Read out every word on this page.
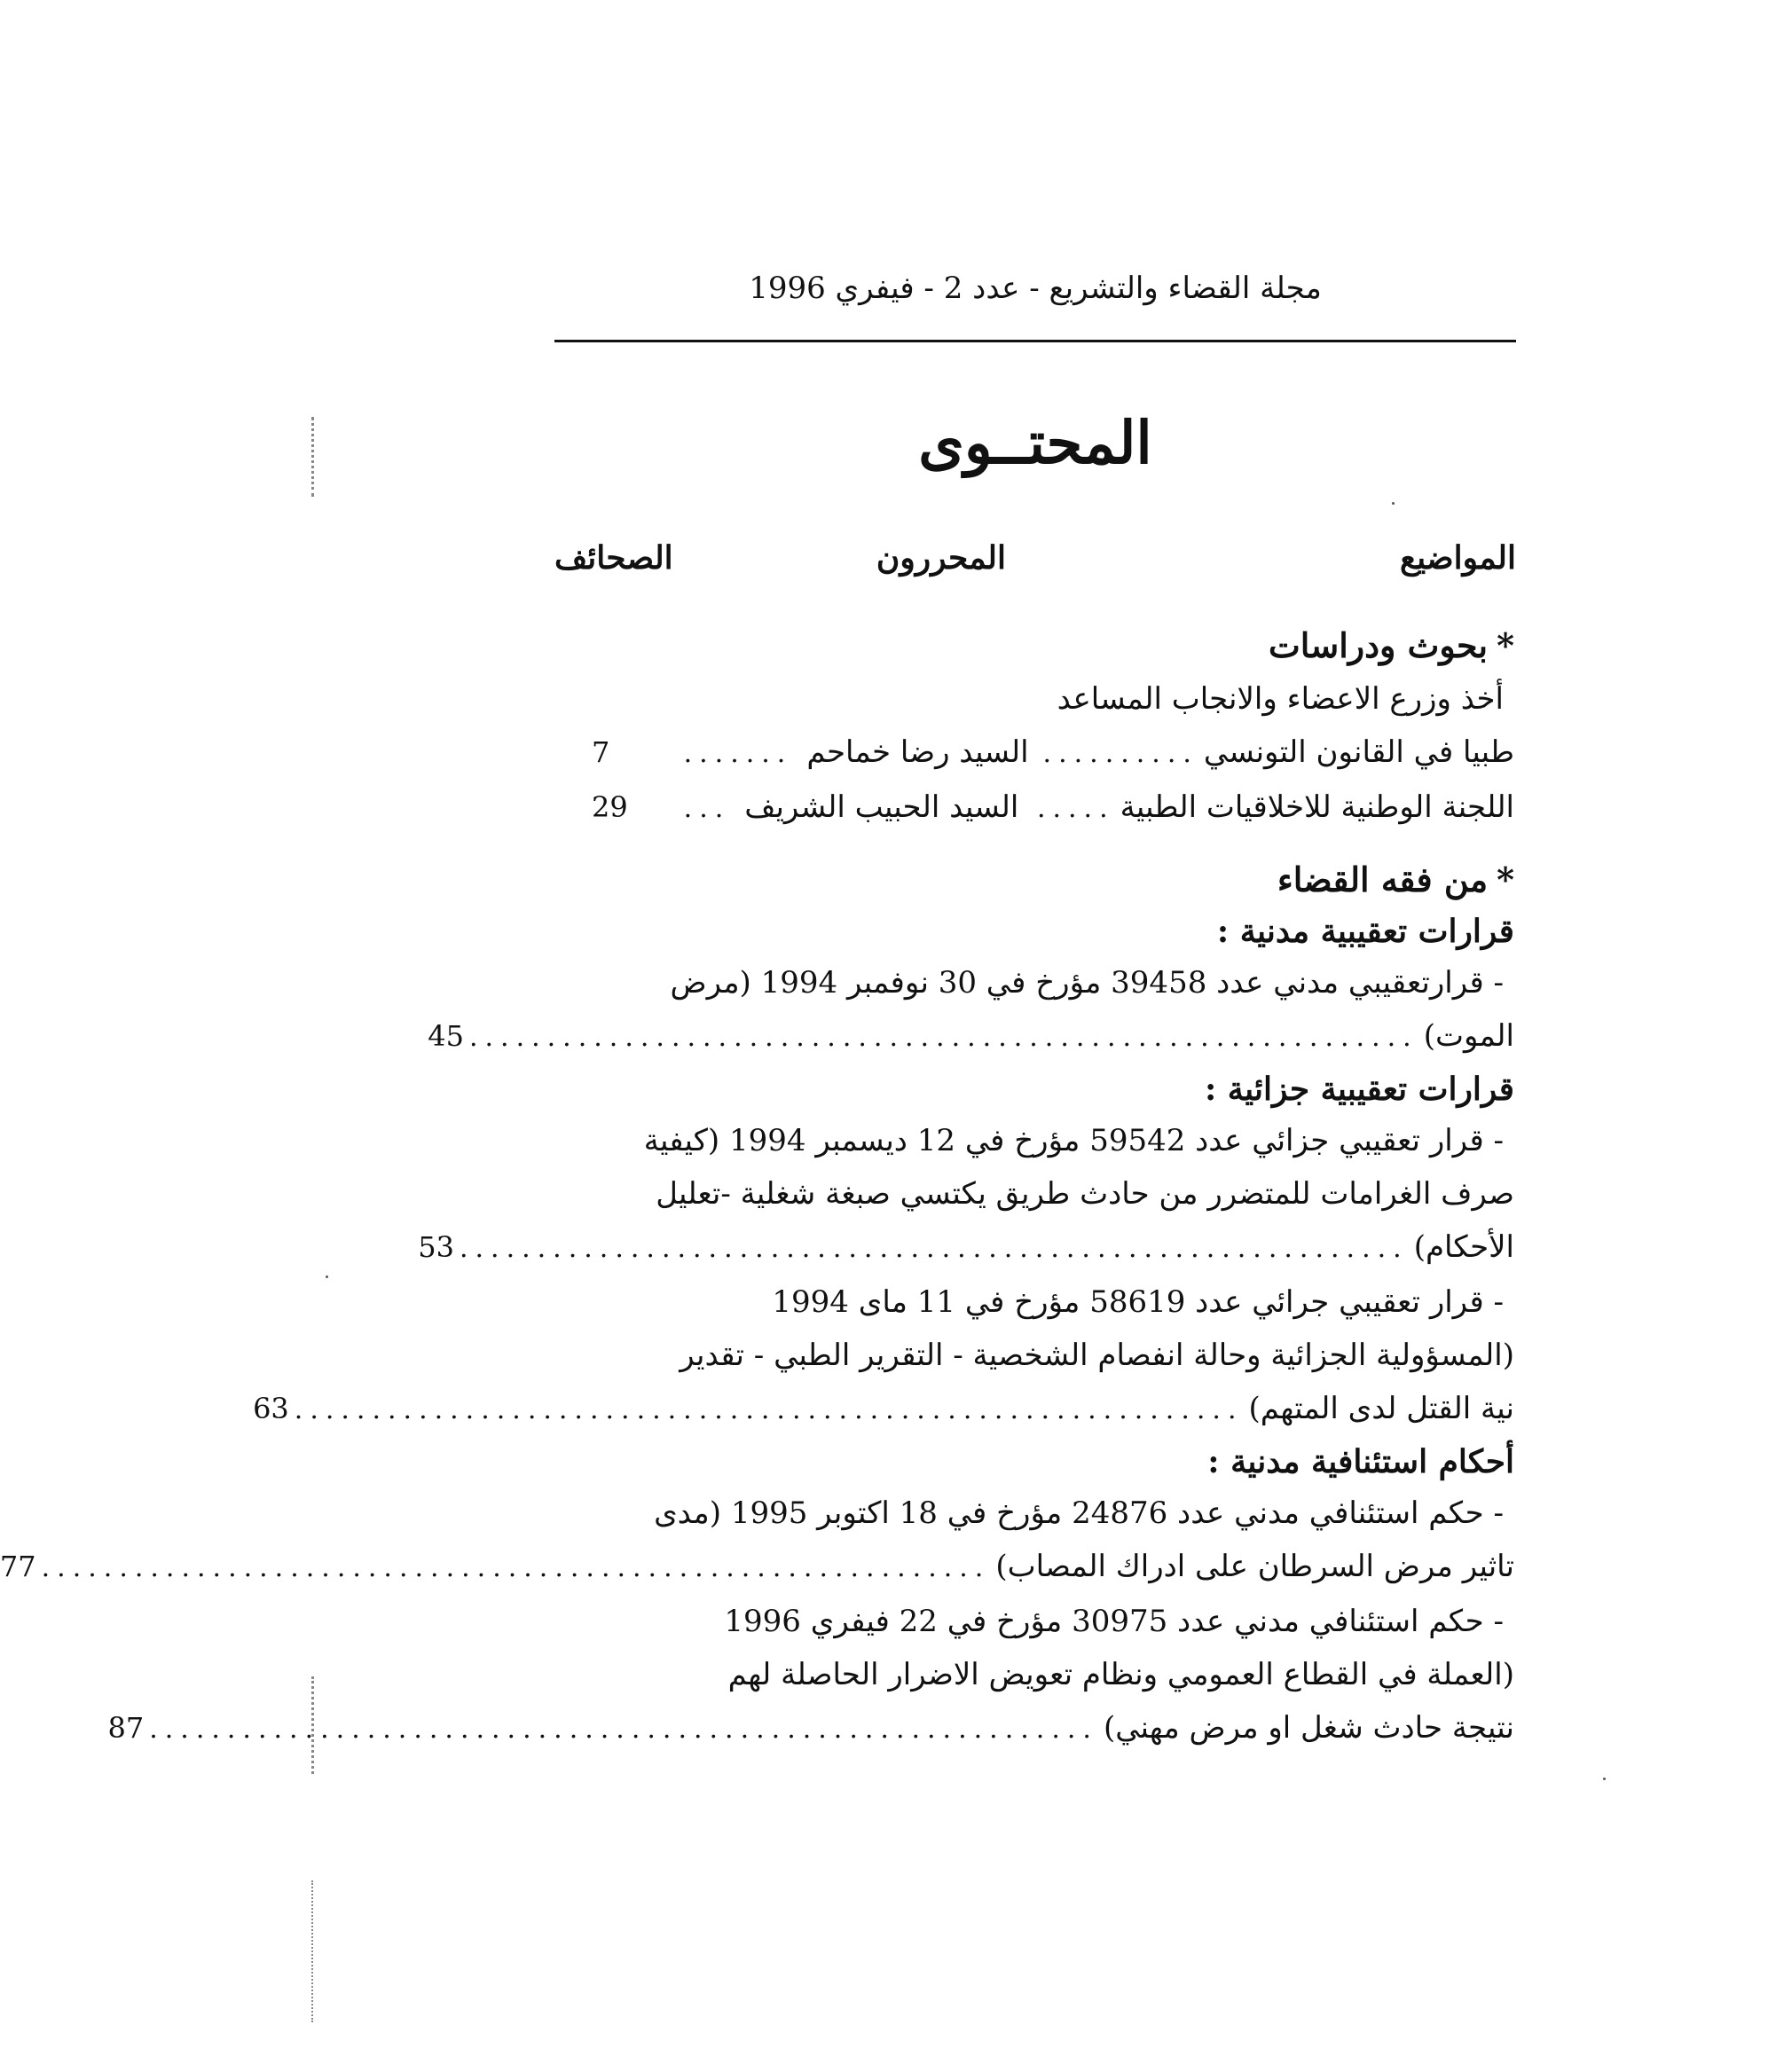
مجلة القضاء والتشريع - عدد 2 - فيفري 1996
المحتــوى
المواضيع
المحررون
الصحائف
*بحوث ودراسات
أخذ وزرع الاعضاء والانجاب المساعد
طبيا في القانون التونسي
..........
السيد رضا خماحم
.......
7
اللجنة الوطنية للاخلاقيات الطبية
.....
السيد الحبيب الشريف
...
29
*من فقه القضاء
قرارات تعقيبية مدنية :
- قرارتعقيبي مدني عدد 39458 مؤرخ في 30 نوفمبر 1994 (مرض
الموت)
.............................................................
45
قرارات تعقيبية جزائية :
- قرار تعقيبي جزائي عدد 59542 مؤرخ في 12 ديسمبر 1994 (كيفية
صرف الغرامات للمتضرر من حادث طريق يكتسي صبغة شغلية -تعليل
الأحكام)
.............................................................
53
- قرار تعقيبي جرائي عدد 58619 مؤرخ في 11 ماى 1994
(المسؤولية الجزائية وحالة انفصام الشخصية - التقرير الطبي - تقدير
نية القتل لدى المتهم)
.............................................................
63
أحكام استئنافية مدنية :
- حكم استئنافي مدني عدد 24876 مؤرخ في 18 اكتوبر 1995 (مدى
تاثير مرض السرطان على ادراك المصاب)
.............................................................
77
- حكم استئنافي مدني عدد 30975 مؤرخ في 22 فيفري 1996
(العملة في القطاع العمومي ونظام تعويض الاضرار الحاصلة لهم
نتيجة حادث شغل او مرض مهني)
.............................................................
87
